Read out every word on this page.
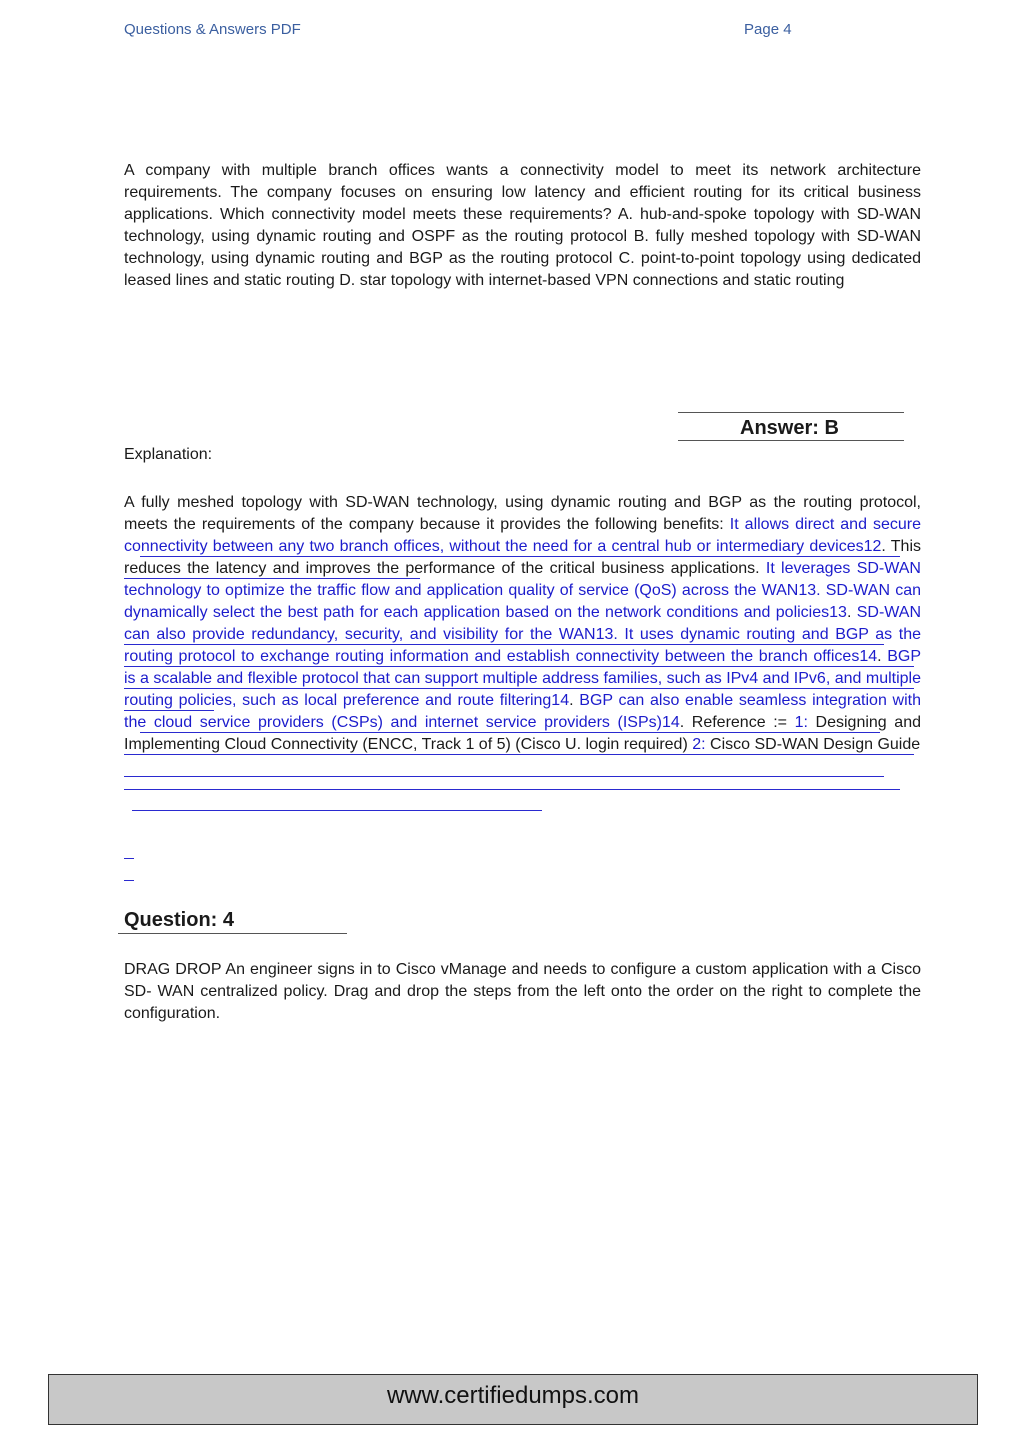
Questions & Answers PDF	Page 4
A company with multiple branch offices wants a connectivity model to meet its network architecture requirements. The company focuses on ensuring low latency and efficient routing for its critical business applications. Which connectivity model meets these requirements? A. hub-and-spoke topology with SD-WAN technology, using dynamic routing and OSPF as the routing protocol B. fully meshed topology with SD-WAN technology, using dynamic routing and BGP as the routing protocol C. point-to-point topology using dedicated leased lines and static routing D. star topology with internet-based VPN connections and static routing
Answer: B
Explanation:
A fully meshed topology with SD-WAN technology, using dynamic routing and BGP as the routing protocol, meets the requirements of the company because it provides the following benefits: It allows direct and secure connectivity between any two branch offices, without the need for a central hub or intermediary devices12. This reduces the latency and improves the performance of the critical business applications. It leverages SD-WAN technology to optimize the traffic flow and application quality of service (QoS) across the WAN13. SD-WAN can dynamically select the best path for each application based on the network conditions and policies13. SD-WAN can also provide redundancy, security, and visibility for the WAN13. It uses dynamic routing and BGP as the routing protocol to exchange routing information and establish connectivity between the branch offices14. BGP is a scalable and flexible protocol that can support multiple address families, such as IPv4 and IPv6, and multiple routing policies, such as local preference and route filtering14. BGP can also enable seamless integration with the cloud service providers (CSPs) and internet service providers (ISPs)14. Reference := 1: Designing and Implementing Cloud Connectivity (ENCC, Track 1 of 5) (Cisco U. login required) 2: Cisco SD-WAN Design Guide
Question: 4
DRAG DROP An engineer signs in to Cisco vManage and needs to configure a custom application with a Cisco SD- WAN centralized policy. Drag and drop the steps from the left onto the order on the right to complete the configuration.
www.certifiedumps.com
